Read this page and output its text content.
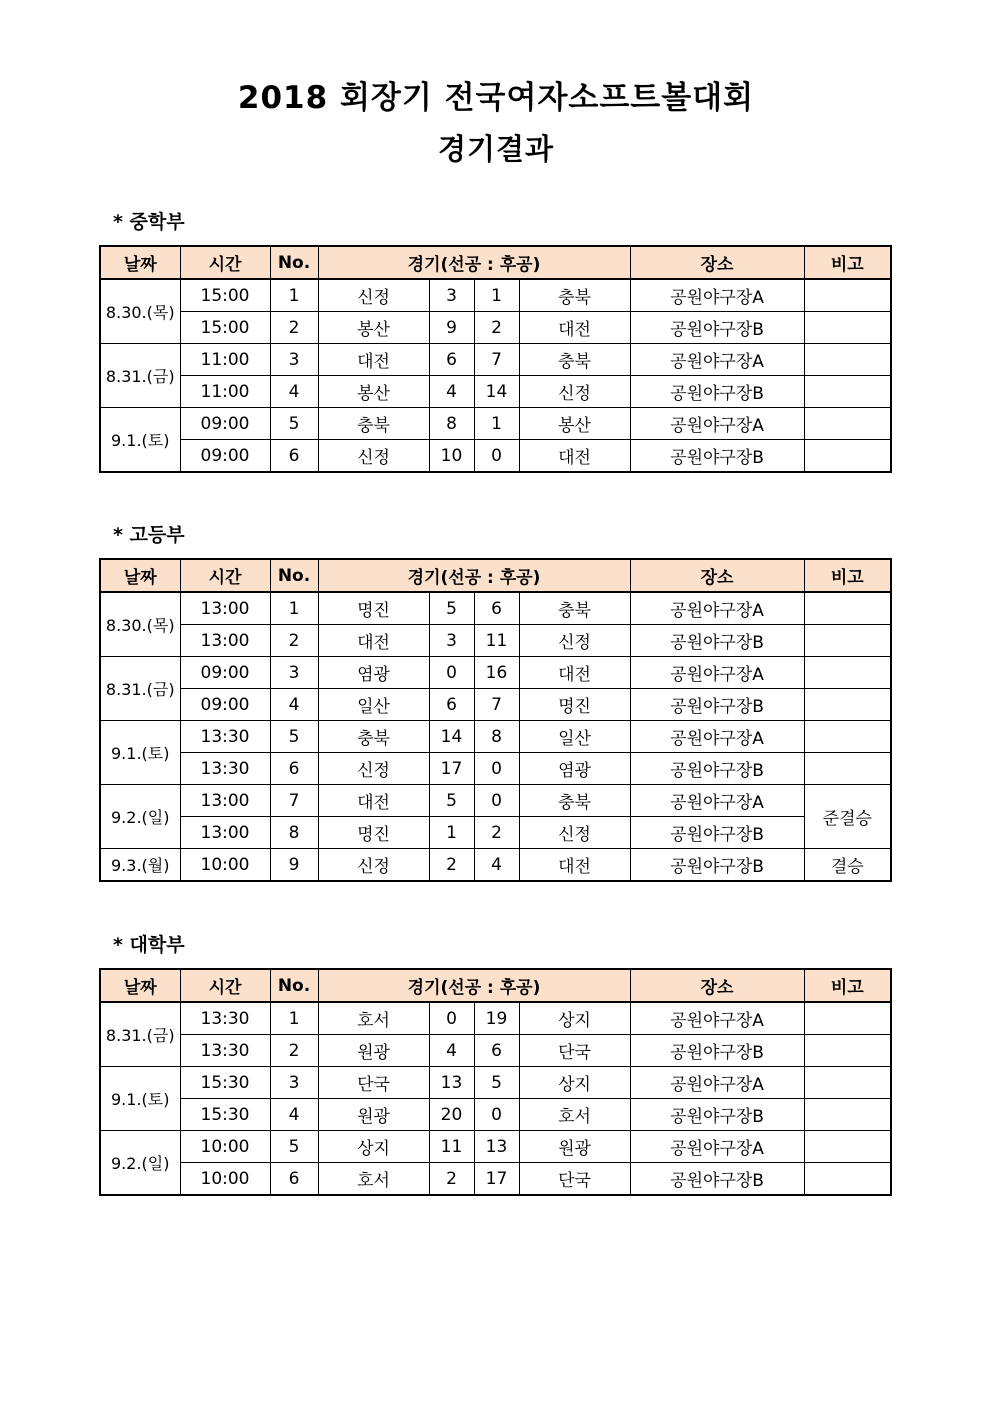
2018 회장기 전국여자소프트볼대회
경기결과
* 중학부
날짜	시간	No.	경기(선공 : 후공)				장소	비고
8.30.(목)	15:00	1	신정	3	1	충북	공원야구장A	
	15:00	2	봉산	9	2	대전	공원야구장B	
8.31.(금)	11:00	3	대전	6	7	충북	공원야구장A	
	11:00	4	봉산	4	14	신정	공원야구장B	
9.1.(토)	09:00	5	충북	8	1	봉산	공원야구장A	
	09:00	6	신정	10	0	대전	공원야구장B	
* 고등부
날짜	시간	No.	경기(선공 : 후공)				장소	비고
8.30.(목)	13:00	1	명진	5	6	충북	공원야구장A	
	13:00	2	대전	3	11	신정	공원야구장B	
8.31.(금)	09:00	3	염광	0	16	대전	공원야구장A	
	09:00	4	일산	6	7	명진	공원야구장B	
9.1.(토)	13:30	5	충북	14	8	일산	공원야구장A	
	13:30	6	신정	17	0	염광	공원야구장B	
9.2.(일)	13:00	7	대전	5	0	충북	공원야구장A	준결승
	13:00	8	명진	1	2	신정	공원야구장B	
9.3.(월)	10:00	9	신정	2	4	대전	공원야구장B	결승
* 대학부
날짜	시간	No.	경기(선공 : 후공)				장소	비고
8.31.(금)	13:30	1	호서	0	19	상지	공원야구장A	
	13:30	2	원광	4	6	단국	공원야구장B	
9.1.(토)	15:30	3	단국	13	5	상지	공원야구장A	
	15:30	4	원광	20	0	호서	공원야구장B	
9.2.(일)	10:00	5	상지	11	13	원광	공원야구장A	
	10:00	6	호서	2	17	단국	공원야구장B	
